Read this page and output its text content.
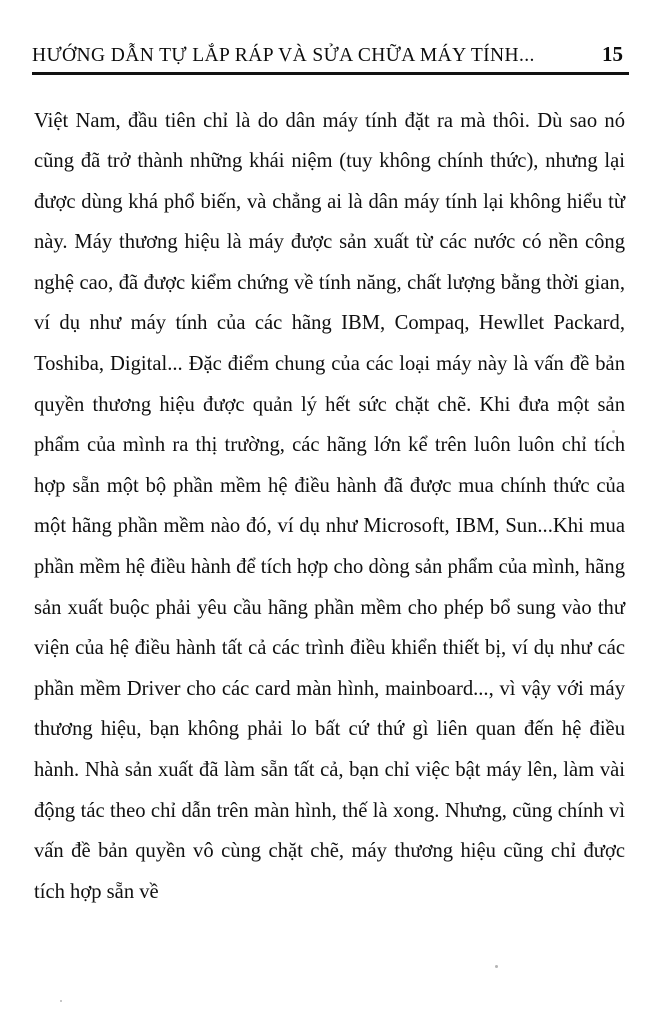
HƯỚNG DẪN TỰ LẮP RÁP VÀ SỬA CHỮA MÁY TÍNH...	15

Việt Nam, đầu tiên chỉ là do dân máy tính đặt ra mà thôi. Dù sao nó cũng đã trở thành những khái niệm (tuy không chính thức), nhưng lại được dùng khá phổ biến, và chẳng ai là dân máy tính lại không hiểu từ này. Máy thương hiệu là máy được sản xuất từ các nước có nền công nghệ cao, đã được kiểm chứng về tính năng, chất lượng bằng thời gian, ví dụ như máy tính của các hãng IBM, Compaq, Hewllet Packard, Toshiba, Digital... Đặc điểm chung của các loại máy này là vấn đề bản quyền thương hiệu được quản lý hết sức chặt chẽ. Khi đưa một sản phẩm của mình ra thị trường, các hãng lớn kể trên luôn luôn chỉ tích hợp sẵn một bộ phần mềm hệ điều hành đã được mua chính thức của một hãng phần mềm nào đó, ví dụ như Microsoft, IBM, Sun...Khi mua phần mềm hệ điều hành để tích hợp cho dòng sản phẩm của mình, hãng sản xuất buộc phải yêu cầu hãng phần mềm cho phép bổ sung vào thư viện của hệ điều hành tất cả các trình điều khiển thiết bị, ví dụ như các phần mềm Driver cho các card màn hình, mainboard..., vì vậy với máy thương hiệu, bạn không phải lo bất cứ thứ gì liên quan đến hệ điều hành. Nhà sản xuất đã làm sẵn tất cả, bạn chỉ việc bật máy lên, làm vài động tác theo chỉ dẫn trên màn hình, thế là xong. Nhưng, cũng chính vì vấn đề bản quyền vô cùng chặt chẽ, máy thương hiệu cũng chỉ được tích hợp sẵn về
